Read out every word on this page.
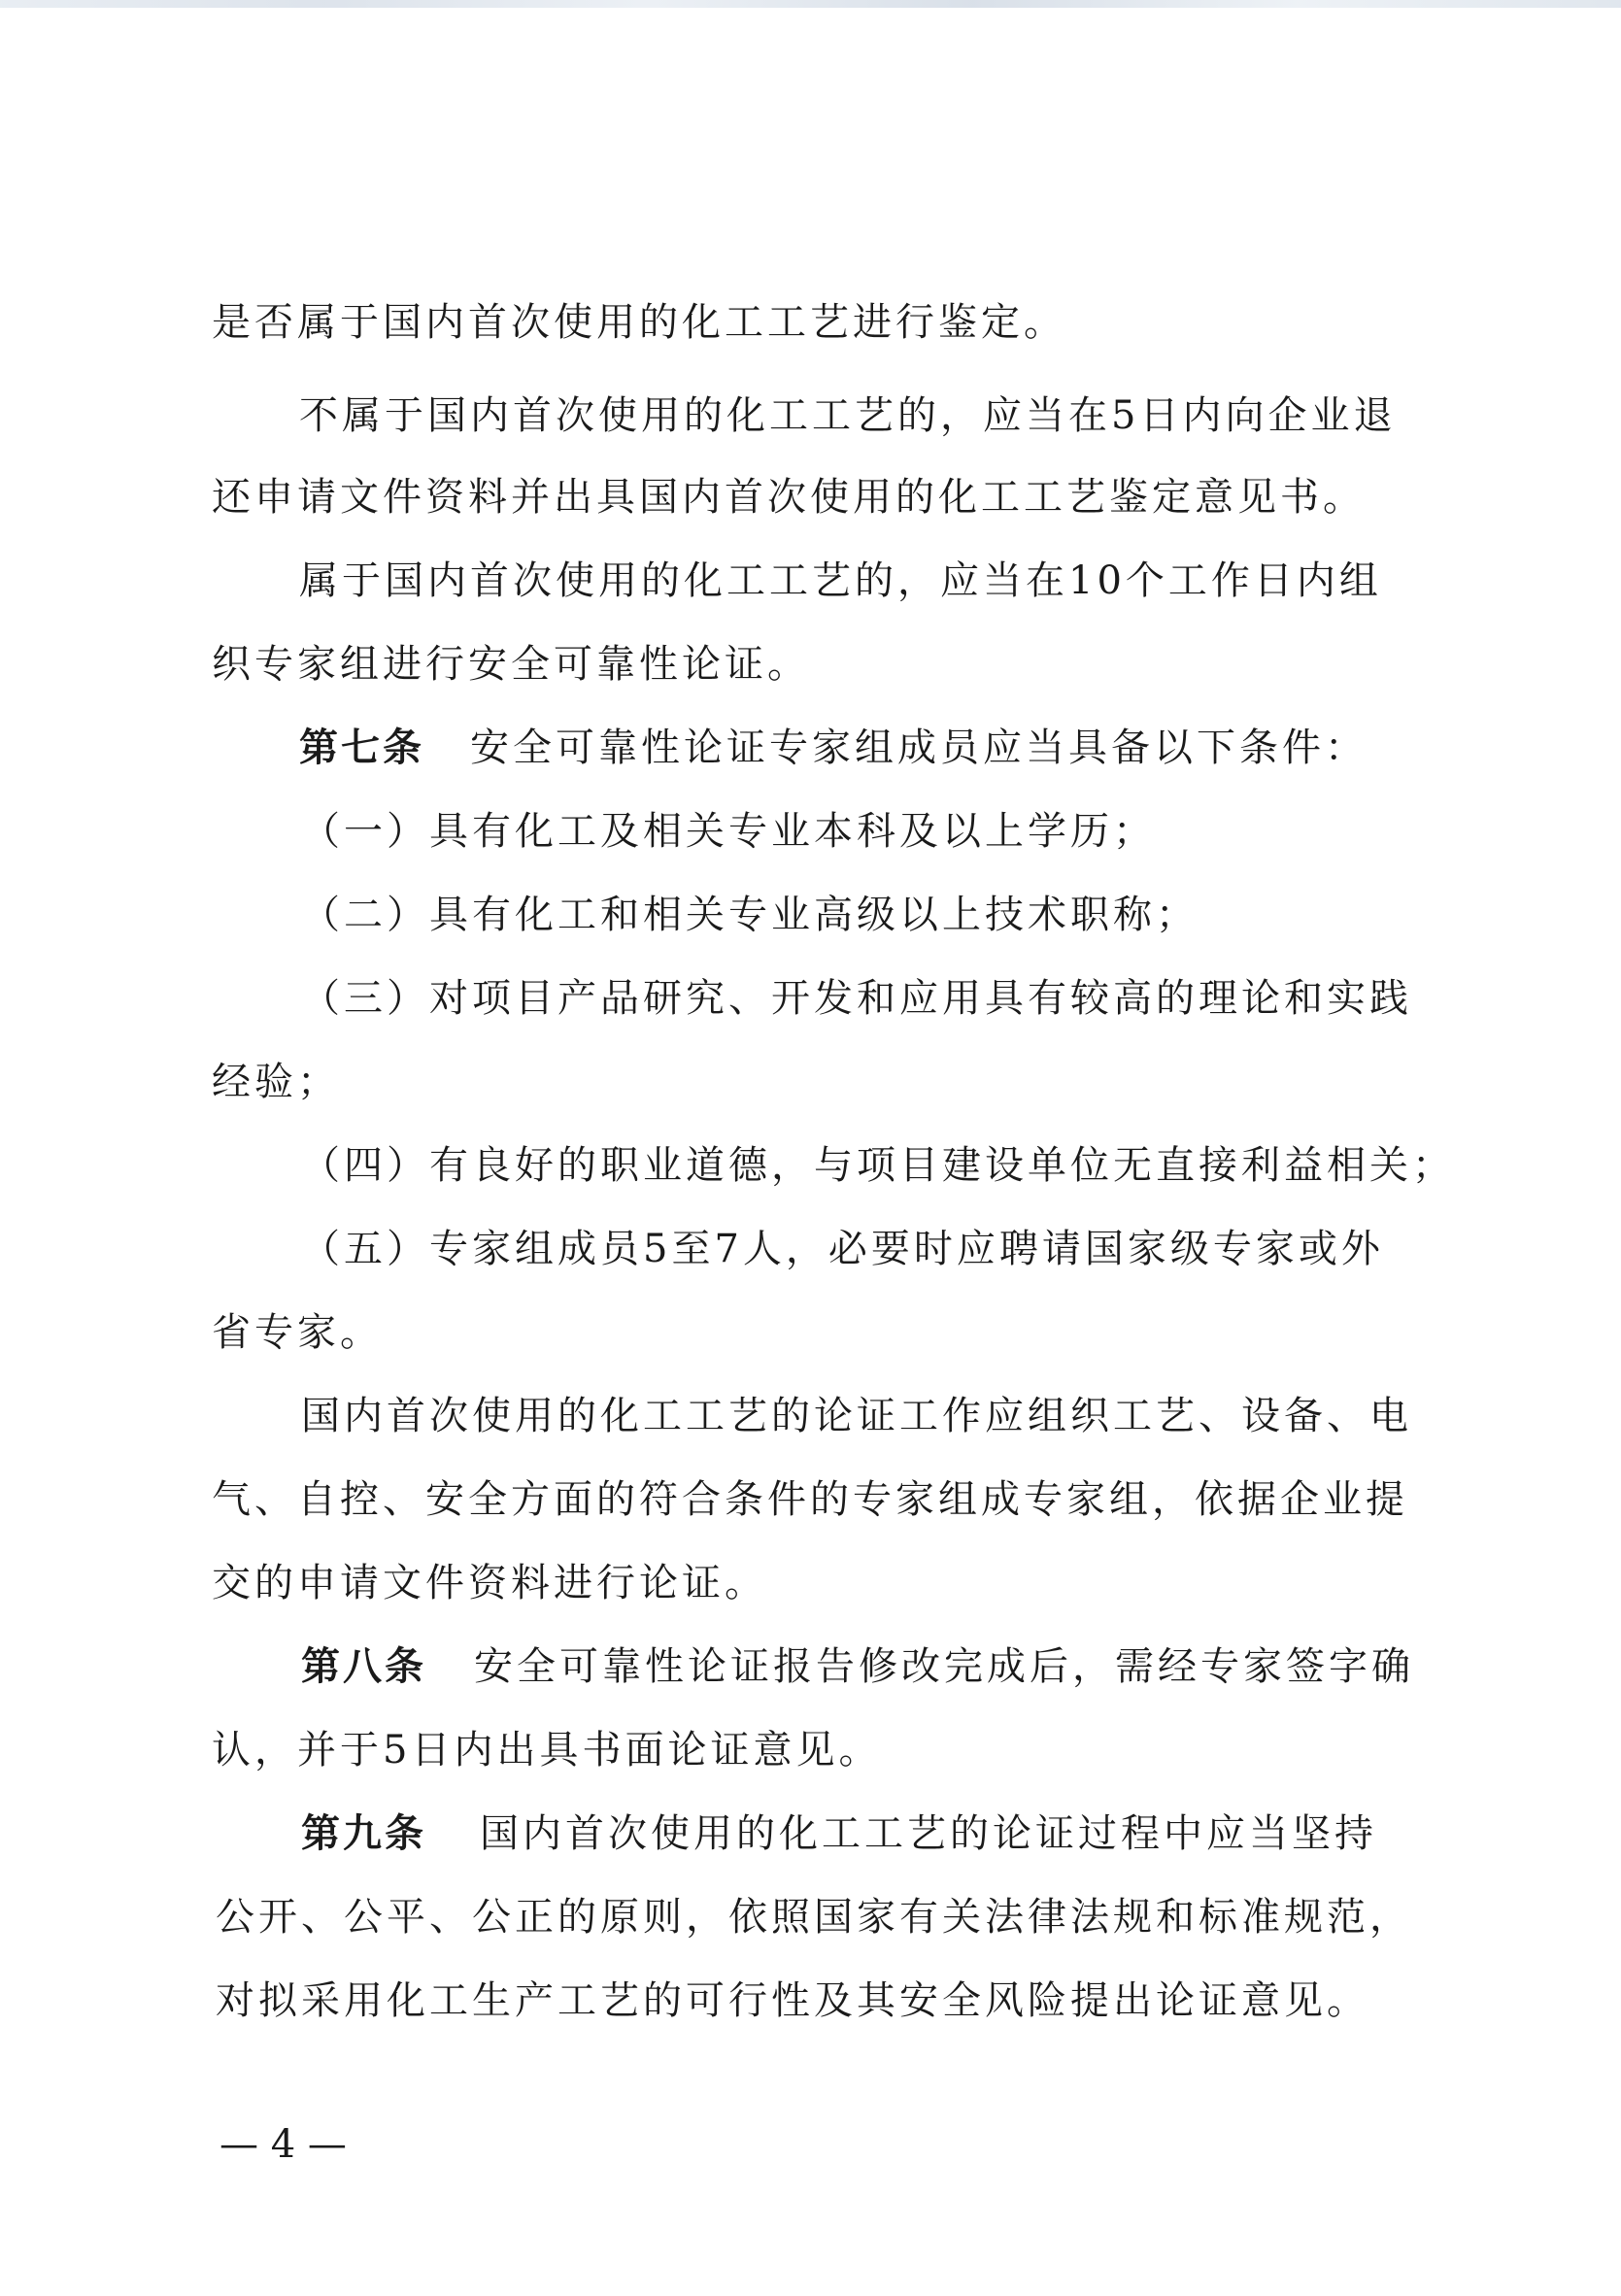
是否属于国内首次使用的化工工艺进行鉴定。
不属于国内首次使用的化工工艺的，应当在5日内向企业退
还申请文件资料并出具国内首次使用的化工工艺鉴定意见书。
属于国内首次使用的化工工艺的，应当在10个工作日内组
织专家组进行安全可靠性论证。
第七条 安全可靠性论证专家组成员应当具备以下条件：
（一）具有化工及相关专业本科及以上学历；
（二）具有化工和相关专业高级以上技术职称；
（三）对项目产品研究、开发和应用具有较高的理论和实践
经验；
（四）有良好的职业道德，与项目建设单位无直接利益相关；
（五）专家组成员5至7人，必要时应聘请国家级专家或外
省专家。
国内首次使用的化工工艺的论证工作应组织工艺、设备、电
气、自控、安全方面的符合条件的专家组成专家组，依据企业提
交的申请文件资料进行论证。
第八条 安全可靠性论证报告修改完成后，需经专家签字确
认，并于5日内出具书面论证意见。
第九条 国内首次使用的化工工艺的论证过程中应当坚持
公开、公平、公正的原则，依照国家有关法律法规和标准规范，
对拟采用化工生产工艺的可行性及其安全风险提出论证意见。
— 4 —
